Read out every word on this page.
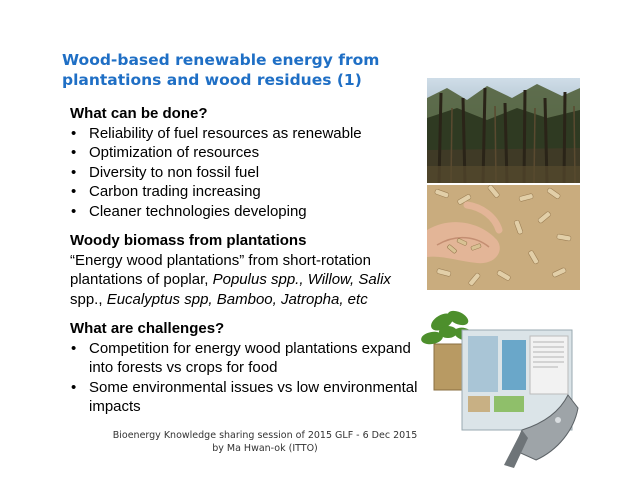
Wood-based renewable energy from plantations and wood residues (1)
What can be done?
• Reliability of fuel resources as renewable
• Optimization of resources
• Diversity to non fossil fuel
• Carbon trading increasing
• Cleaner technologies developing
Woody biomass from plantations

“Energy wood plantations” from short-rotation plantations of poplar, Populus spp., Willow, Salix spp., Eucalyptus spp, Bamboo, Jatropha, etc

What are challenges?
• Competition for energy wood plantations expand into forests vs crops for food
• Some environmental issues vs low environmental impacts
Bioenergy Knowledge sharing session of 2015 GLF - 6 Dec 2015
by Ma Hwan-ok (ITTO)
